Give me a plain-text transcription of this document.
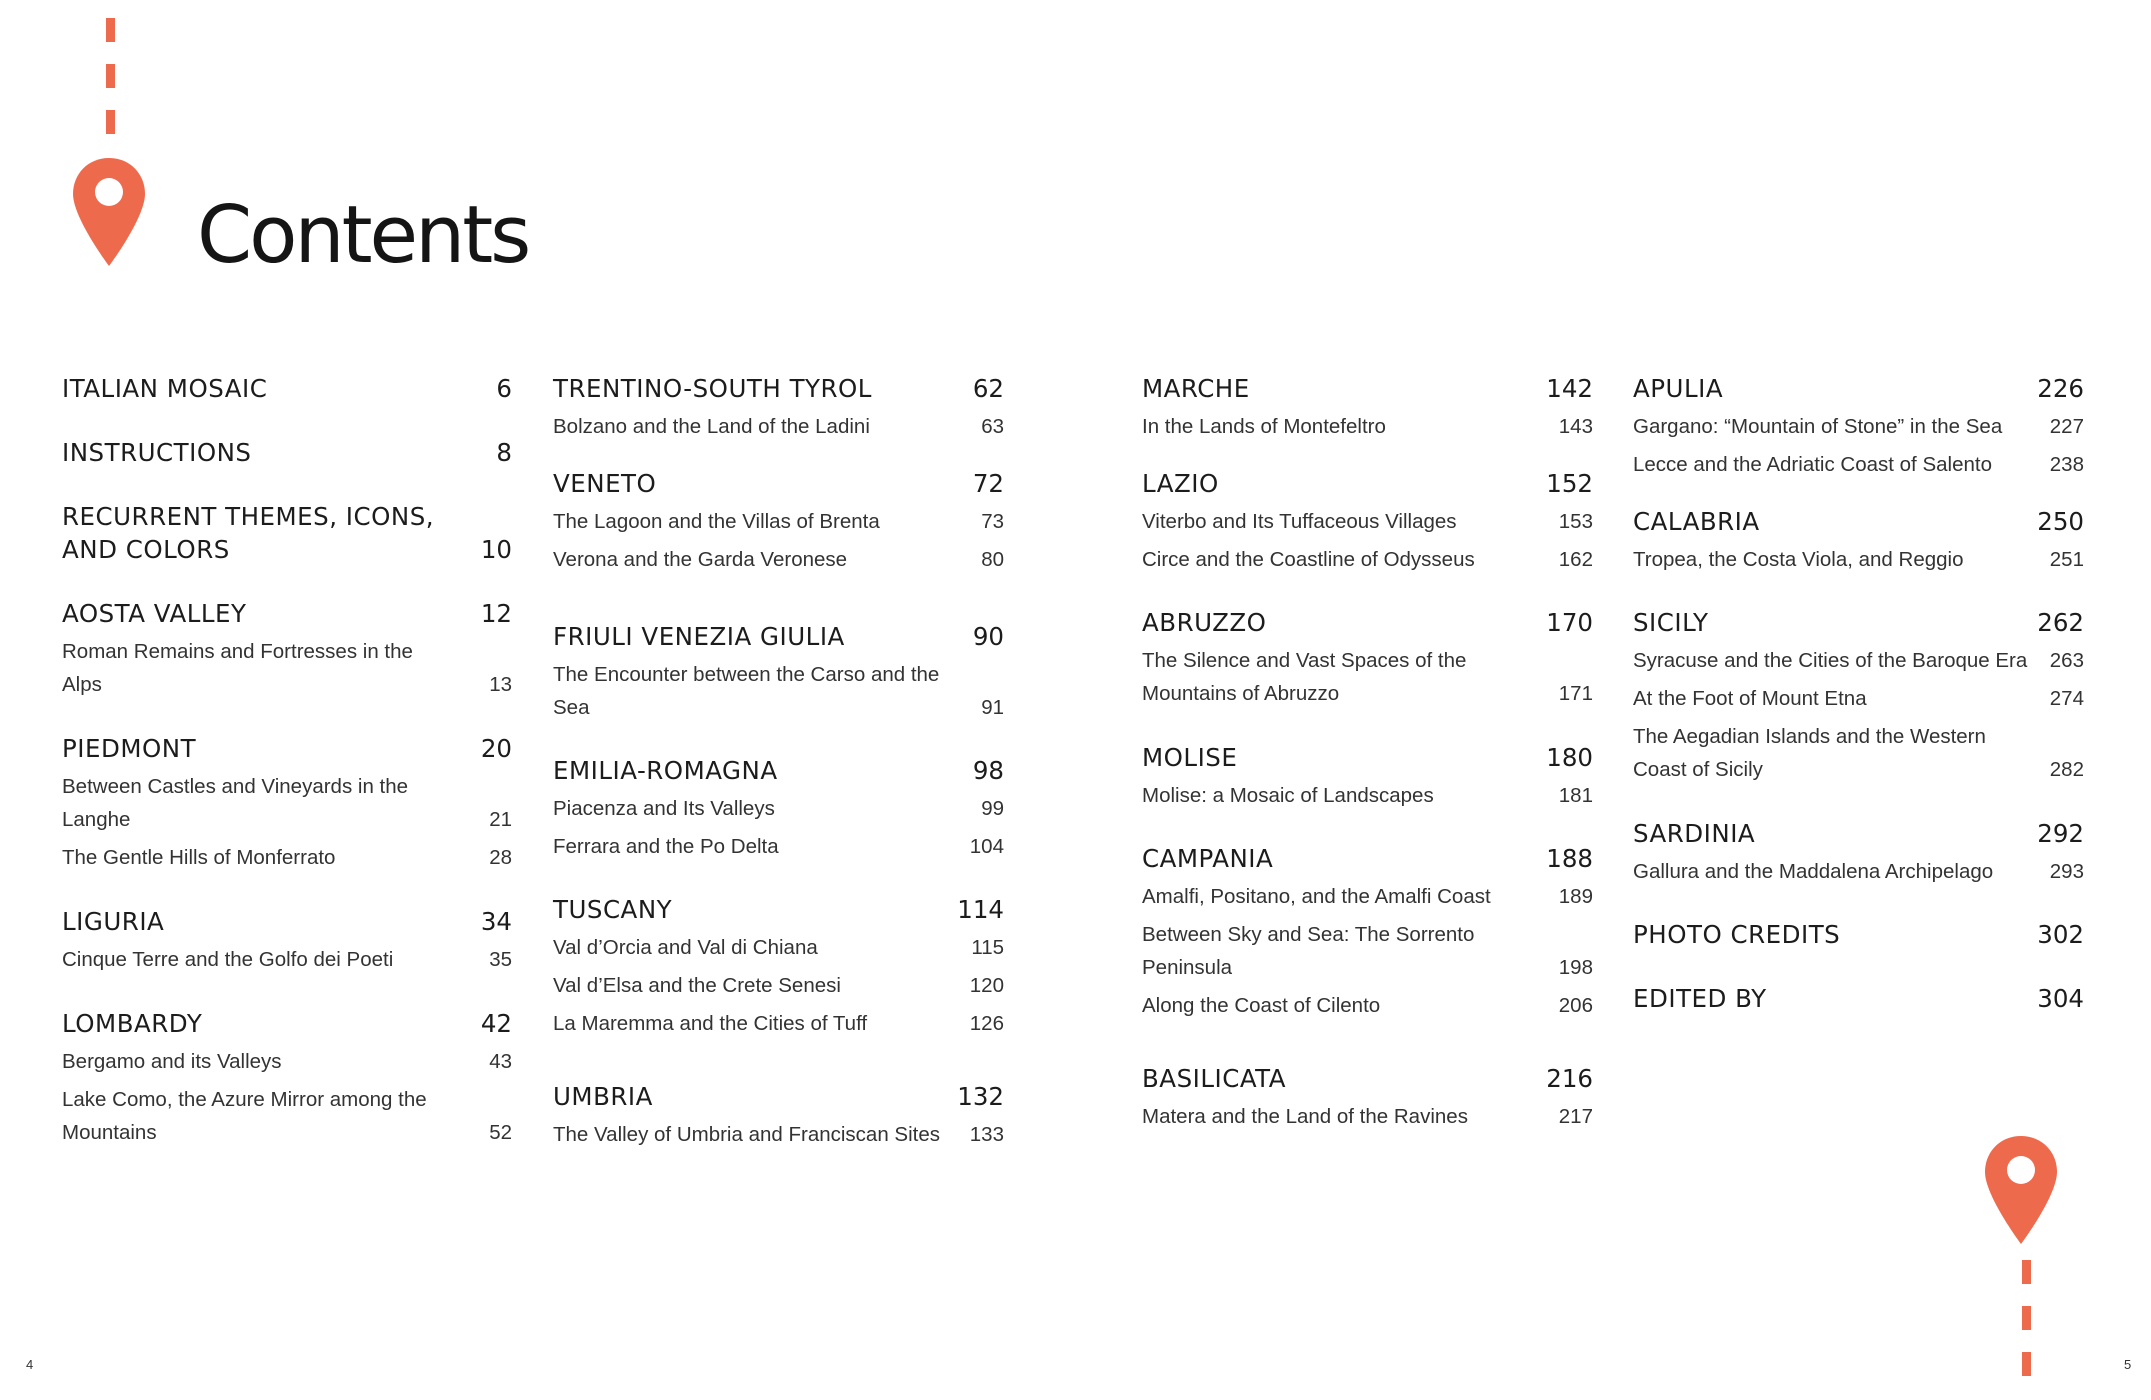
Contents
ITALIAN MOSAIC	6
INSTRUCTIONS	8
RECURRENT THEMES, ICONS, AND COLORS	10
AOSTA VALLEY	12
Roman Remains and Fortresses in the Alps	13
PIEDMONT	20
Between Castles and Vineyards in the Langhe	21
The Gentle Hills of Monferrato	28
LIGURIA	34
Cinque Terre and the Golfo dei Poeti	35
LOMBARDY	42
Bergamo and its Valleys	43
Lake Como, the Azure Mirror among the Mountains	52
TRENTINO-SOUTH TYROL	62
Bolzano and the Land of the Ladini	63
VENETO	72
The Lagoon and the Villas of Brenta	73
Verona and the Garda Veronese	80
FRIULI VENEZIA GIULIA	90
The Encounter between the Carso and the Sea	91
EMILIA-ROMAGNA	98
Piacenza and Its Valleys	99
Ferrara and the Po Delta	104
TUSCANY	114
Val d’Orcia and Val di Chiana	115
Val d’Elsa and the Crete Senesi	120
La Maremma and the Cities of Tuff	126
UMBRIA	132
The Valley of Umbria and Franciscan Sites	133
MARCHE	142
In the Lands of Montefeltro	143
LAZIO	152
Viterbo and Its Tuffaceous Villages	153
Circe and the Coastline of Odysseus	162
ABRUZZO	170
The Silence and Vast Spaces of the Mountains of Abruzzo	171
MOLISE	180
Molise: a Mosaic of Landscapes	181
CAMPANIA	188
Amalfi, Positano, and the Amalfi Coast	189
Between Sky and Sea: The Sorrento Peninsula	198
Along the Coast of Cilento	206
BASILICATA	216
Matera and the Land of the Ravines	217
APULIA	226
Gargano: “Mountain of Stone” in the Sea	227
Lecce and the Adriatic Coast of Salento	238
CALABRIA	250
Tropea, the Costa Viola, and Reggio	251
SICILY	262
Syracuse and the Cities of the Baroque Era	263
At the Foot of Mount Etna	274
The Aegadian Islands and the Western Coast of Sicily	282
SARDINIA	292
Gallura and the Maddalena Archipelago	293
PHOTO CREDITS	302
EDITED BY	304
4	5
